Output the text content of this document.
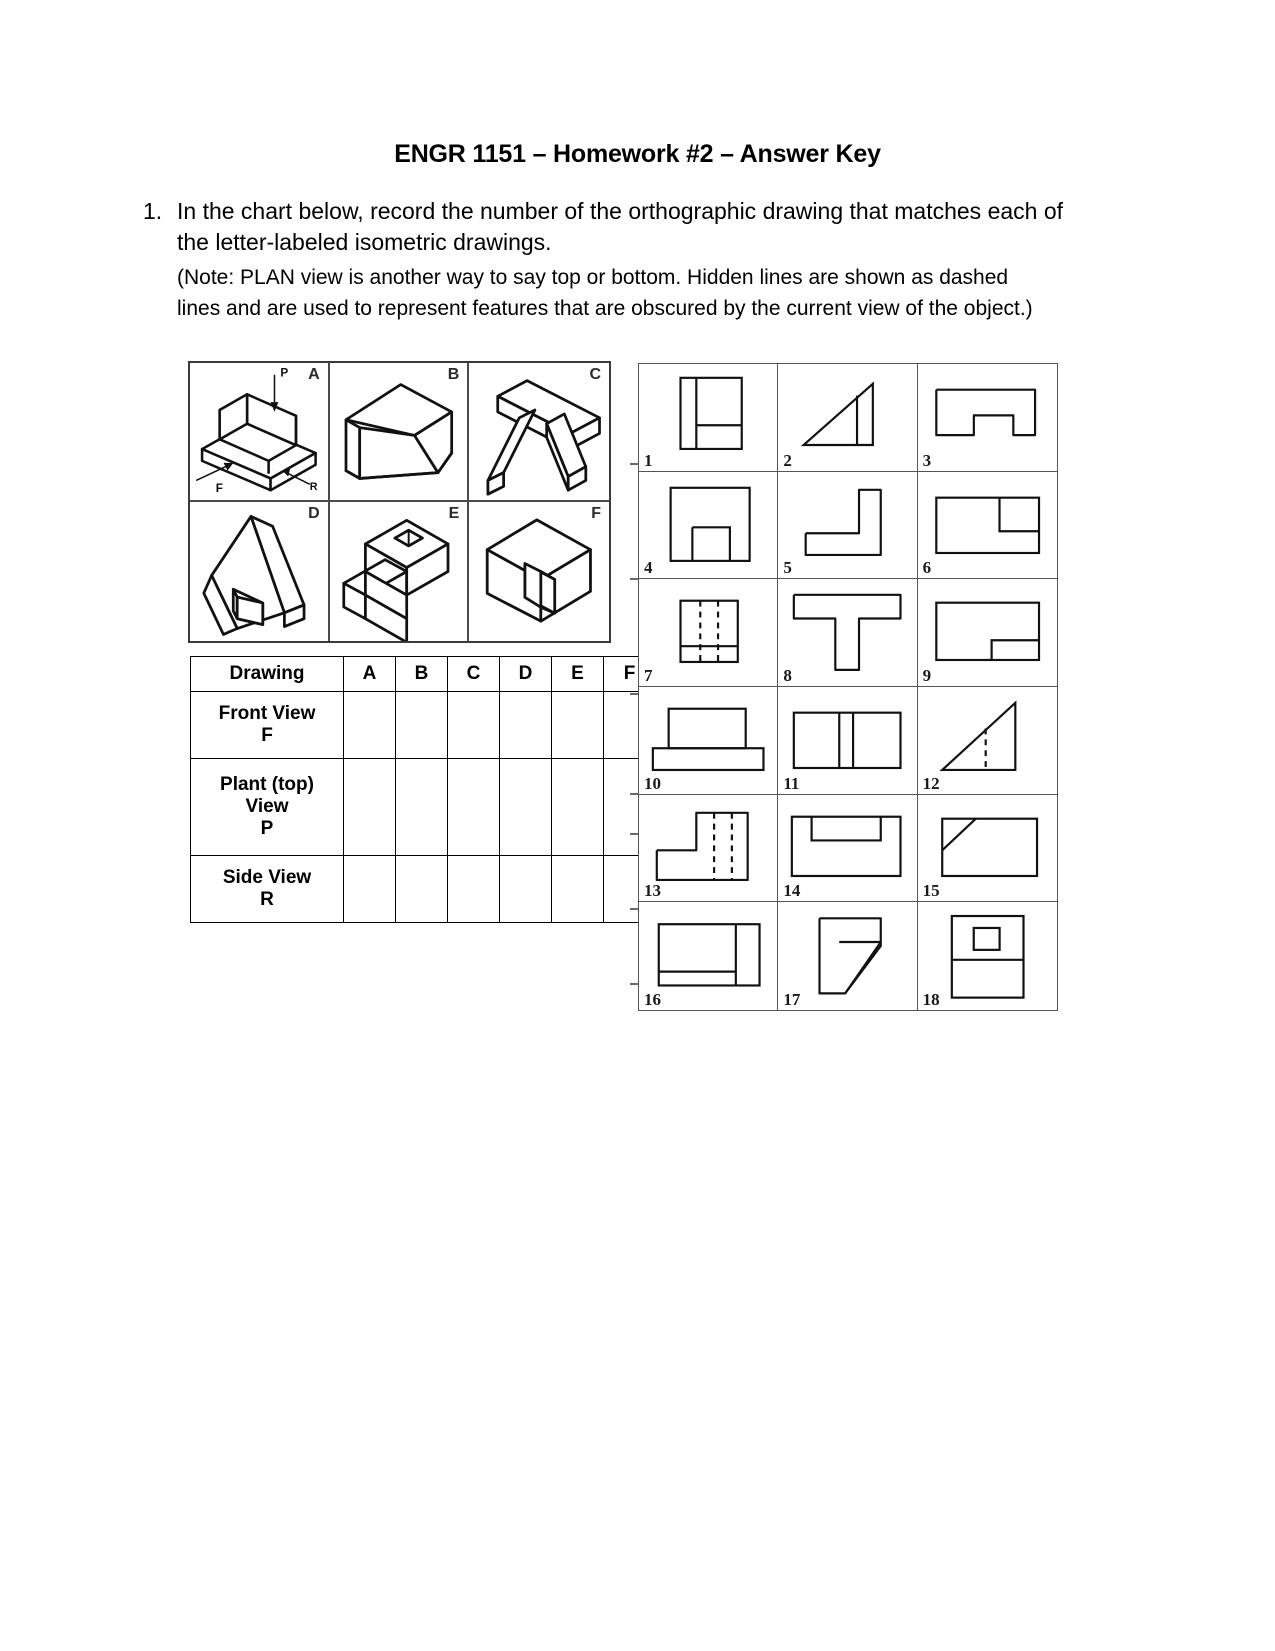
ENGR 1151 – Homework #2 – Answer Key
1. In the chart below, record the number of the orthographic drawing that matches each of the letter-labeled isometric drawings.
(Note: PLAN view is another way to say top or bottom. Hidden lines are shown as dashed lines and are used to represent features that are obscured by the current view of the object.)
A
P
F	R
B	C
D	E	F
Drawing	A	B	C	D	E	F
Front View
F						
Plant (top)
View
P						
Side View
R						
1	2	3
4	5	6
7	8	9
10	11	12
13	14	15
16	17	18
